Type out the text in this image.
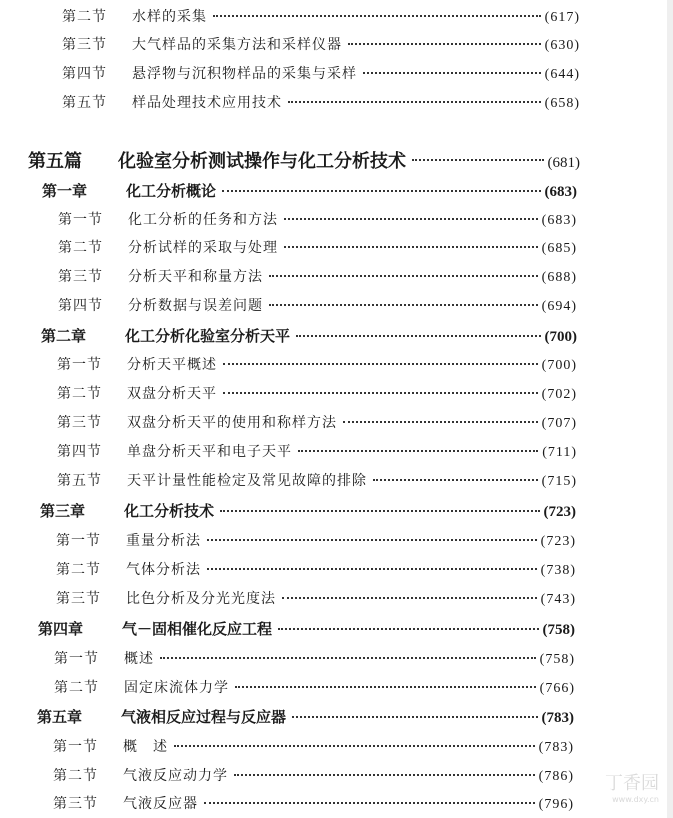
第二节	水样的采集	(617)
第三节	大气样品的采集方法和采样仪器	(630)
第四节	悬浮物与沉积物样品的采集与采样	(644)
第五节	样品处理技术应用技术	(658)
第五篇	化验室分析测试操作与化工分析技术	(681)
第一章	化工分析概论	(683)
第一节	化工分析的任务和方法	(683)
第二节	分析试样的采取与处理	(685)
第三节	分析天平和称量方法	(688)
第四节	分析数据与误差问题	(694)
第二章	化工分析化验室分析天平	(700)
第一节	分析天平概述	(700)
第二节	双盘分析天平	(702)
第三节	双盘分析天平的使用和称样方法	(707)
第四节	单盘分析天平和电子天平	(711)
第五节	天平计量性能检定及常见故障的排除	(715)
第三章	化工分析技术	(723)
第一节	重量分析法	(723)
第二节	气体分析法	(738)
第三节	比色分析及分光光度法	(743)
第四章	气－固相催化反应工程	(758)
第一节	概述	(758)
第二节	固定床流体力学	(766)
第五章	气液相反应过程与反应器	(783)
第一节	概　述	(783)
第二节	气液反应动力学	(786)
第三节	气液反应器	(796)
丁香园
www.dxy.cn
